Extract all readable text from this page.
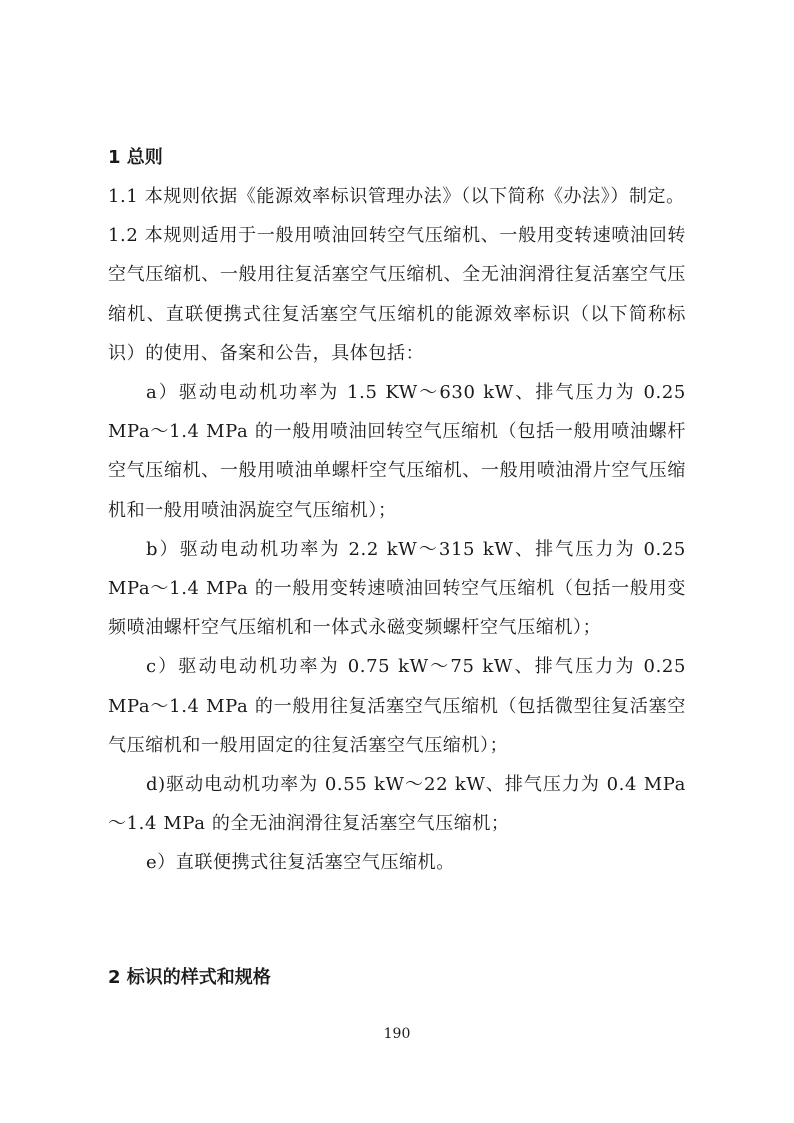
1 总则

1.1 本规则依据《能源效率标识管理办法》（以下简称《办法》）制定。

1.2 本规则适用于一般用喷油回转空气压缩机、一般用变转速喷油回转空气压缩机、一般用往复活塞空气压缩机、全无油润滑往复活塞空气压缩机、直联便携式往复活塞空气压缩机的能源效率标识（以下简称标识）的使用、备案和公告，具体包括：

a）驱动电动机功率为 1.5 KW～630 kW、排气压力为 0.25 MPa～1.4 MPa 的一般用喷油回转空气压缩机（包括一般用喷油螺杆空气压缩机、一般用喷油单螺杆空气压缩机、一般用喷油滑片空气压缩机和一般用喷油涡旋空气压缩机）；

b）驱动电动机功率为 2.2 kW～315 kW、排气压力为 0.25 MPa～1.4 MPa 的一般用变转速喷油回转空气压缩机（包括一般用变频喷油螺杆空气压缩机和一体式永磁变频螺杆空气压缩机）；

c）驱动电动机功率为 0.75 kW～75 kW、排气压力为 0.25 MPa～1.4 MPa 的一般用往复活塞空气压缩机（包括微型往复活塞空气压缩机和一般用固定的往复活塞空气压缩机）；

d)驱动电动机功率为 0.55 kW～22 kW、排气压力为 0.4 MPa～1.4 MPa 的全无油润滑往复活塞空气压缩机；

e）直联便携式往复活塞空气压缩机。

2 标识的样式和规格
190
